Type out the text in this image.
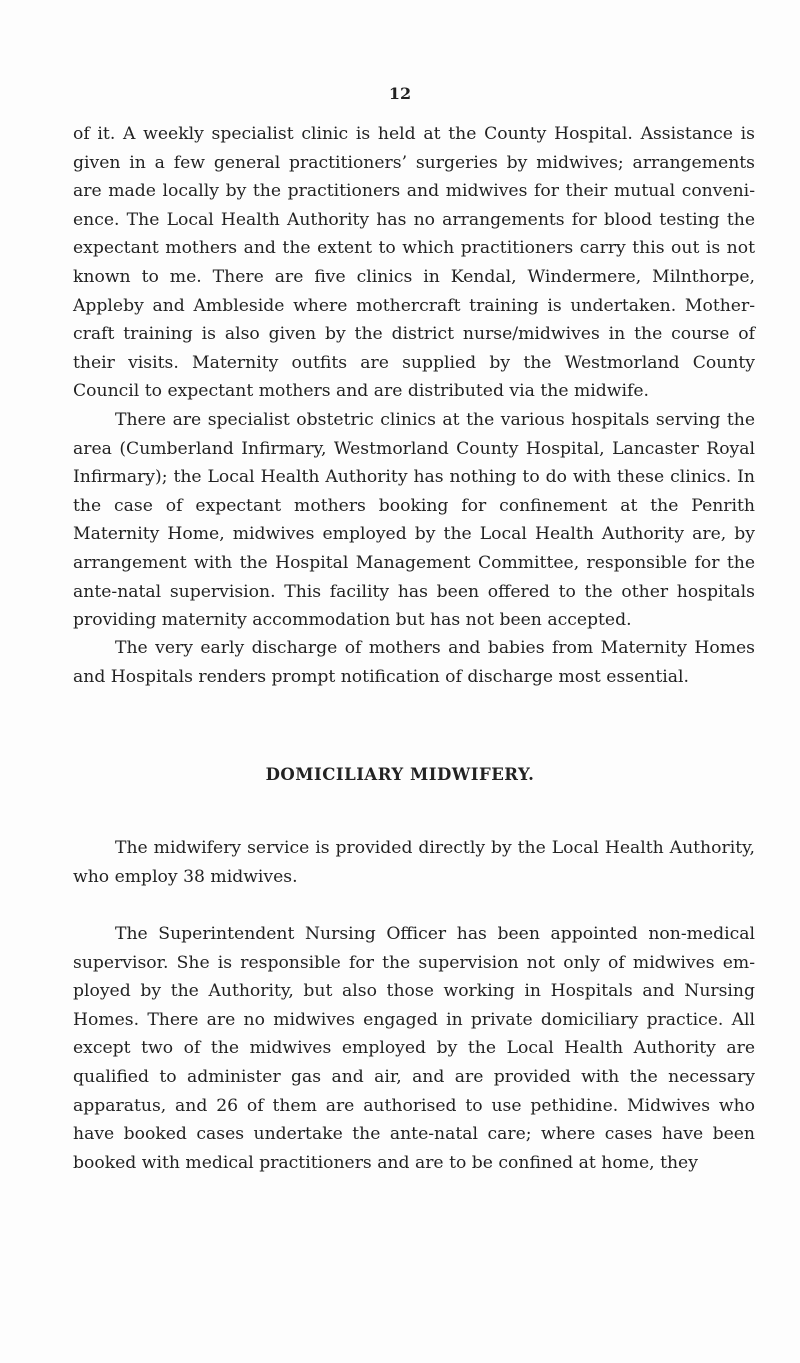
12

of it. A weekly specialist clinic is held at the County Hospital. Assistance is given in a few general practitioners’ surgeries by midwives; arrangements are made locally by the practitioners and midwives for their mutual convenience. The Local Health Authority has no arrangements for blood testing the expectant mothers and the extent to which practitioners carry this out is not known to me. There are five clinics in Kendal, Windermere, Milnthorpe, Appleby and Ambleside where mothercraft training is undertaken. Mothercraft training is also given by the district nurse/midwives in the course of their visits. Maternity outfits are supplied by the Westmorland County Council to expectant mothers and are distributed via the midwife.

There are specialist obstetric clinics at the various hospitals serving the area (Cumberland Infirmary, Westmorland County Hospital, Lancaster Royal Infirmary); the Local Health Authority has nothing to do with these clinics. In the case of expectant mothers booking for confinement at the Penrith Maternity Home, midwives employed by the Local Health Authority are, by arrangement with the Hospital Management Committee, responsible for the ante-natal supervision. This facility has been offered to the other hospitals providing maternity accommodation but has not been accepted.

The very early discharge of mothers and babies from Maternity Homes and Hospitals renders prompt notification of discharge most essential.

DOMICILIARY MIDWIFERY.

The midwifery service is provided directly by the Local Health Authority, who employ 38 midwives.

The Superintendent Nursing Officer has been appointed non-medical supervisor. She is responsible for the supervision not only of midwives employed by the Authority, but also those working in Hospitals and Nursing Homes. There are no midwives engaged in private domiciliary practice. All except two of the midwives employed by the Local Health Authority are qualified to administer gas and air, and are provided with the necessary apparatus, and 26 of them are authorised to use pethidine. Midwives who have booked cases undertake the ante-natal care; where cases have been booked with medical practitioners and are to be confined at home, they
